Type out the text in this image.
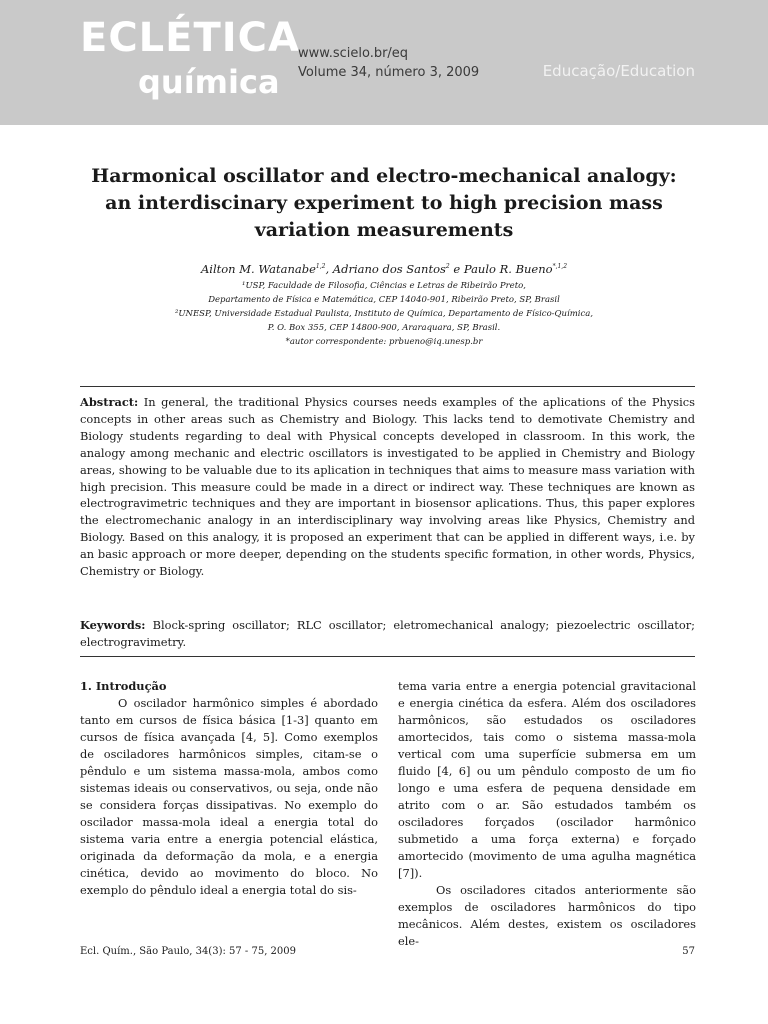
ECLÉTICA
química
www.scielo.br/eq
Volume 34, número 3, 2009	Educação/Education
Harmonical oscillator and electro-mechanical analogy: an interdiscinary experiment to high precision mass variation measurements
Ailton M. Watanabe$^{1,2}$, Adriano dos Santos$^2$ e Paulo R. Bueno$^{*,1,2}$
¹USP, Faculdade de Filosofia, Ciências e Letras de Ribeirão Preto,
Departamento de Física e Matemática, CEP 14040-901, Ribeirão Preto, SP, Brasil
²UNESP, Universidade Estadual Paulista, Instituto de Química, Departamento de Físico-Química,
P. O. Box 355, CEP 14800-900, Araraquara, SP, Brasil.
*autor correspondente: prbueno@iq.unesp.br

Abstract: In general, the traditional Physics courses needs examples of the aplications of the Physics concepts in other areas such as Chemistry and Biology. This lacks tend to demotivate Chemistry and Biology students regarding to deal with Physical concepts developed in classroom. In this work, the analogy among mechanic and electric oscillators is investigated to be applied in Chemistry and Biology areas, showing to be valuable due to its aplication in techniques that aims to measure mass variation with high precision. This measure could be made in a direct or indirect way. These techniques are known as electrogravimetric techniques and they are important in biosensor aplications. Thus, this paper explores the electromechanic analogy in an interdisciplinary way involving areas like Physics, Chemistry and Biology. Based on this analogy, it is proposed an experiment that can be applied in different ways, i.e. by an basic approach or more deeper, depending on the students specific formation, in other words, Physics, Chemistry or Biology.

Keywords: Block-spring oscillator; RLC oscillator; eletromechanical analogy; piezoelectric oscillator; electrogravimetry.

1. Introdução

O oscilador harmônico simples é abordado tanto em cursos de física básica [1-3] quanto em cursos de física avançada [4, 5]. Como exemplos de osciladores harmônicos simples, citam-se o pêndulo e um sistema massa-mola, ambos como sistemas ideais ou conservativos, ou seja, onde não se considera forças dissipativas. No exemplo do oscilador massa-mola ideal a energia total do sistema varia entre a energia potencial elástica, originada da deformação da mola, e a energia cinética, devido ao movimento do bloco. No exemplo do pêndulo ideal a energia total do sis-

tema varia entre a energia potencial gravitacional e energia cinética da esfera. Além dos osciladores harmônicos, são estudados os osciladores amortecidos, tais como o sistema massa-mola vertical com uma superfície submersa em um fluido [4, 6] ou um pêndulo composto de um fio longo e uma esfera de pequena densidade em atrito com o ar. São estudados também os osciladores forçados (oscilador harmônico submetido a uma força externa) e forçado amortecido (movimento de uma agulha magnética [7]).

Os osciladores citados anteriormente são exemplos de osciladores harmônicos do tipo mecânicos. Além destes, existem os osciladores ele-

Ecl. Quím., São Paulo, 34(3): 57 - 75, 2009	57
